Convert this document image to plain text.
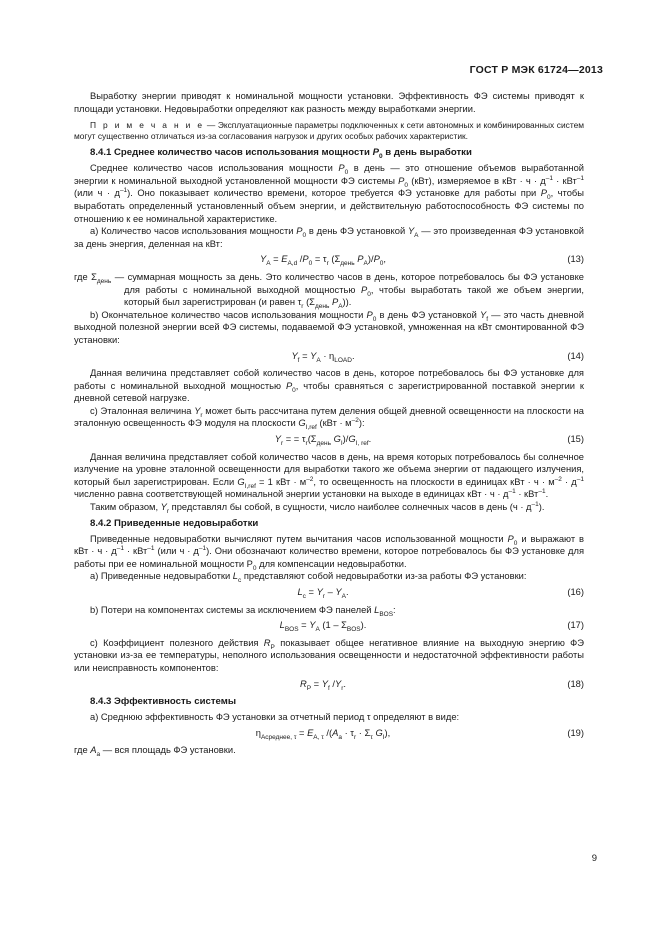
ГОСТ Р МЭК 61724—2013

Выработку энергии приводят к номинальной мощности установки. Эффективность ФЭ системы приводят к площади установки. Недовыработки определяют как разность между выработками энергии.

П р и м е ч а н и е — Эксплуатационные параметры подключенных к сети автономных и комбинированных систем могут существенно отличаться из-за согласования нагрузок и других особых рабочих характеристик.

8.4.1 Среднее количество часов использования мощности $P_0$ в день выработки

Среднее количество часов использования мощности $P_0$ в день — это отношение объемов выработанной энергии к номинальной выходной установленной мощности ФЭ системы $P_0$ (кВт), измеряемое в кВт · $ч \cdot д^{-1} \cdot кВт^{-1}$ (или $ч \cdot д^{-1}$). Оно показывает количество времени, которое требуется ФЭ установке для работы при $P_0$, чтобы выработать определенный установленный объем энергии, и действительную работоспособность ФЭ системы по отношению к ее номинальной характеристике.

a) Количество часов использования мощности $P_0$ в день ФЭ установкой $Y_A$ — это произведенная ФЭ установкой за день энергия, деленная на кВт:

$Y_A = E_{A,d}$ $/P_0 = \tau_r$ ($\Sigma_{день}$ $P_A)/P_0$,	(13)

где $\Sigma_{день}$ — суммарная мощность за день. Это количество часов в день, которое потребовалось бы ФЭ установке для работы с номинальной выходной мощностью $P_0$, чтобы выработать такой же объем энергии, который был зарегистрирован (и равен $\tau_r$ ($\Sigma_{день}$ $P_A$)).

b) Окончательное количество часов использования мощности $P_0$ в день ФЭ установкой $Y_f$ — это часть дневной выходной полезной энергии всей ФЭ системы, подаваемой ФЭ установкой, умноженная на кВт смонтированной ФЭ установки:

$Y_f = Y_A \cdot \eta_{LOAD}$.	(14)

Данная величина представляет собой количество часов в день, которое потребовалось бы ФЭ установке для работы с номинальной выходной мощностью $P_0$, чтобы сравняться с зарегистрированной поставкой энергии к дневной сетевой нагрузке.

c) Эталонная величина $Y_r$ может быть рассчитана путем деления общей дневной освещенности на плоскости на эталонную освещенность ФЭ модуля на плоскости $G_{I,ref}$ $(кВт \cdot м^{-2})$:

$Y_r$ = = $\tau_r(\Sigma_{день}$ $G_I)/G_{I, ref}$.	(15)

Данная величина представляет собой количество часов в день, на время которых потребовалось бы солнечное излучение на уровне эталонной освещенности для выработки такого же объема энергии от падающего излучения, который был зарегистрирован. Если $G_{I,ref} = 1$ кВт · $м^{-2}$, то освещенность на плоскости в единицах кВт · $ч \cdot м^{-2} \cdot д^{-1}$ численно равна соответствующей номинальной энергии установки на выходе в единицах кВт · $ч \cdot д^{-1} \cdot кВт^{-1}$.

Таким образом, $Y_r$ представлял бы собой, в сущности, число наиболее солнечных часов в день $(ч \cdot д^{-1})$.

8.4.2 Приведенные недовыработки

Приведенные недовыработки вычисляют путем вычитания часов использованной мощности $P_0$ и выражают в кВт · $ч \cdot д^{-1} \cdot кВт^{-1}$ (или $ч \cdot д^{-1}$). Они обозначают количество времени, которое потребовалось бы ФЭ установке для работы при ее номинальной мощности $Р_0$ для компенсации недовыработки.

a) Приведенные недовыработки $L_c$ представляют собой недовыработки из-за работы ФЭ установки:

$L_c = Y_r - Y_A$.	(16)

b) Потери на компонентах системы за исключением ФЭ панелей $L_{BOS}$:

$L_{BOS} = Y_A$ $(1 - \Sigma_{BOS})$.	(17)

c) Коэффициент полезного действия $R_P$ показывает общее негативное влияние на выходную энергию ФЭ установки из-за ее температуры, неполного использования освещенности и недостаточной эффективности работы или неисправность компонентов:

$R_P = Y_f$ $/Y_r$.	(18)
8.4.3 Эффективность системы

a) Среднюю эффективность ФЭ установки за отчетный период τ определяют в виде:

$\eta_{Aсреднее, \tau} = E_{A, \tau}$ $/(A_a \cdot \tau_r \cdot \Sigma_\tau$ $G_I$),	(19)

где $A_a$ — вся площадь ФЭ установки.

9
